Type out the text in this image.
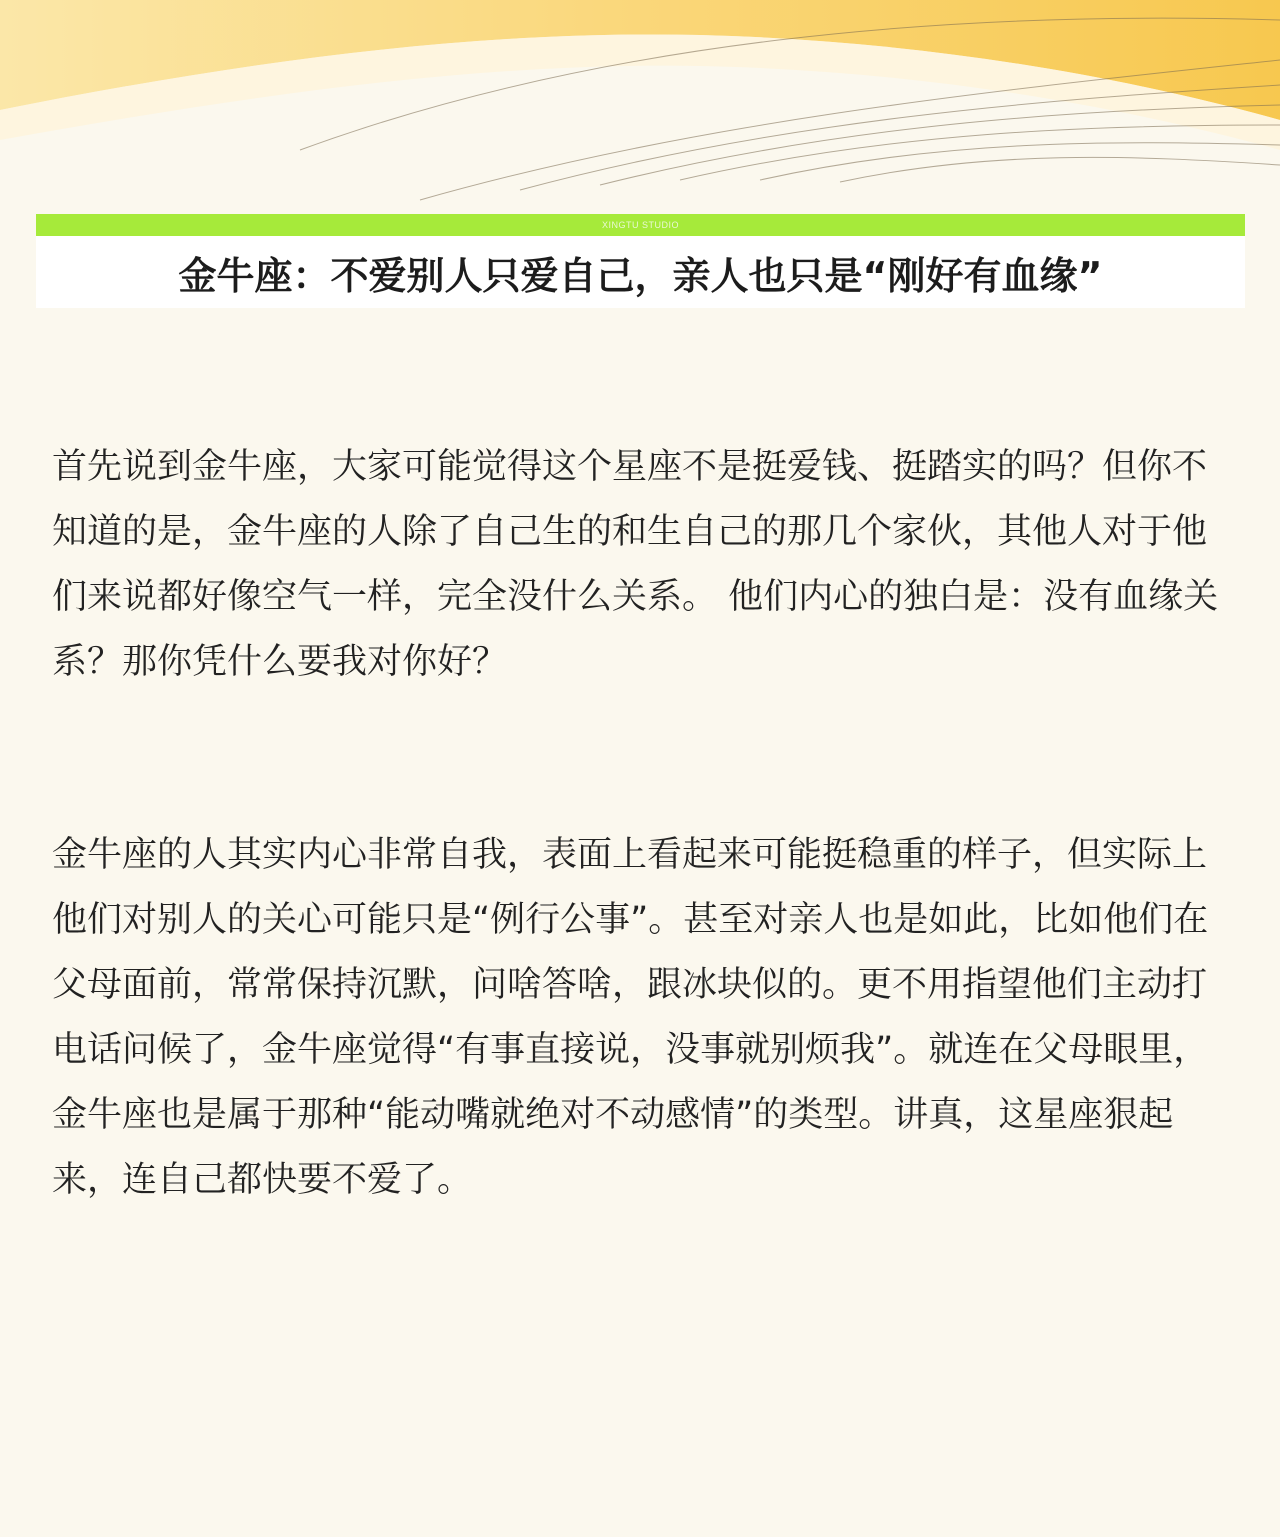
XINGTU STUDIO
金牛座：不爱别人只爱自己，亲人也只是“刚好有血缘”

首先说到金牛座，大家可能觉得这个星座不是挺爱钱、挺踏实的吗？但你不知道的是，金牛座的人除了自己生的和生自己的那几个家伙，其他人对于他们来说都好像空气一样，完全没什么关系。 他们内心的独白是：没有血缘关系？那你凭什么要我对你好？

金牛座的人其实内心非常自我，表面上看起来可能挺稳重的样子，但实际上他们对别人的关心可能只是“例行公事”。甚至对亲人也是如此，比如他们在父母面前，常常保持沉默，问啥答啥，跟冰块似的。更不用指望他们主动打电话问候了，金牛座觉得“有事直接说，没事就别烦我”。就连在父母眼里，金牛座也是属于那种“能动嘴就绝对不动感情”的类型。讲真，这星座狠起来，连自己都快要不爱了。
